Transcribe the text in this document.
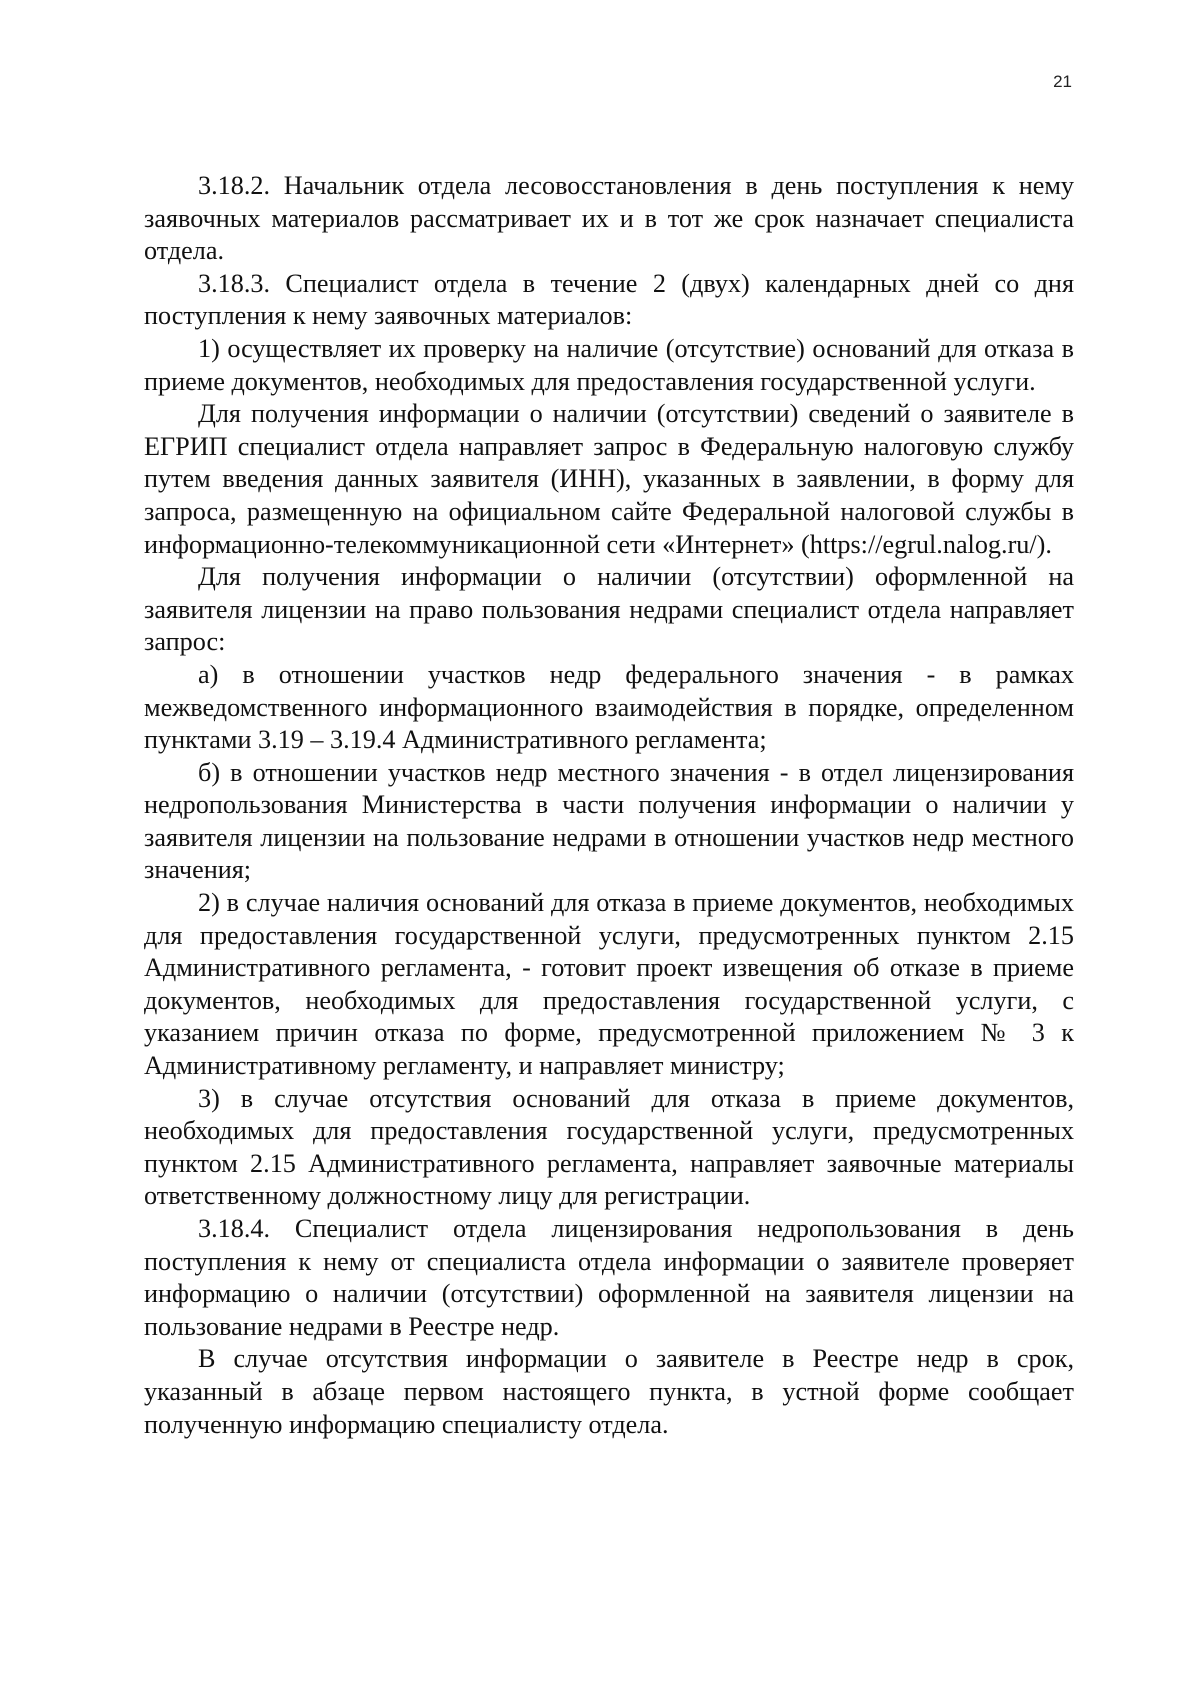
21

3.18.2. Начальник отдела лесовосстановления в день поступления к нему заявочных материалов рассматривает их и в тот же срок назначает специалиста отдела.

3.18.3. Специалист отдела в течение 2 (двух) календарных дней со дня поступления к нему заявочных материалов:

1) осуществляет их проверку на наличие (отсутствие) оснований для отказа в приеме документов, необходимых для предоставления государственной услуги.

Для получения информации о наличии (отсутствии) сведений о заявителе в ЕГРИП специалист отдела направляет запрос в Федеральную налоговую службу путем введения данных заявителя (ИНН), указанных в заявлении, в форму для запроса, размещенную на официальном сайте Федеральной налоговой службы в информационно-телекоммуникационной сети «Интернет» (https://egrul.nalog.ru/).

Для получения информации о наличии (отсутствии) оформленной на заявителя лицензии на право пользования недрами специалист отдела направляет запрос:

а) в отношении участков недр федерального значения - в рамках межведомственного информационного взаимодействия в порядке, определенном пунктами 3.19 – 3.19.4 Административного регламента;

б) в отношении участков недр местного значения - в отдел лицензирования недропользования Министерства в части получения информации о наличии у заявителя лицензии на пользование недрами в отношении участков недр местного значения;

2) в случае наличия оснований для отказа в приеме документов, необходимых для предоставления государственной услуги, предусмотренных пунктом 2.15 Административного регламента, - готовит проект извещения об отказе в приеме документов, необходимых для предоставления государственной услуги, с указанием причин отказа по форме, предусмотренной приложением № 3 к Административному регламенту, и направляет министру;

3) в случае отсутствия оснований для отказа в приеме документов, необходимых для предоставления государственной услуги, предусмотренных пунктом 2.15 Административного регламента, направляет заявочные материалы ответственному должностному лицу для регистрации.

3.18.4. Специалист отдела лицензирования недропользования в день поступления к нему от специалиста отдела информации о заявителе проверяет информацию о наличии (отсутствии) оформленной на заявителя лицензии на пользование недрами в Реестре недр.

В случае отсутствия информации о заявителе в Реестре недр в срок, указанный в абзаце первом настоящего пункта, в устной форме сообщает полученную информацию специалисту отдела.
